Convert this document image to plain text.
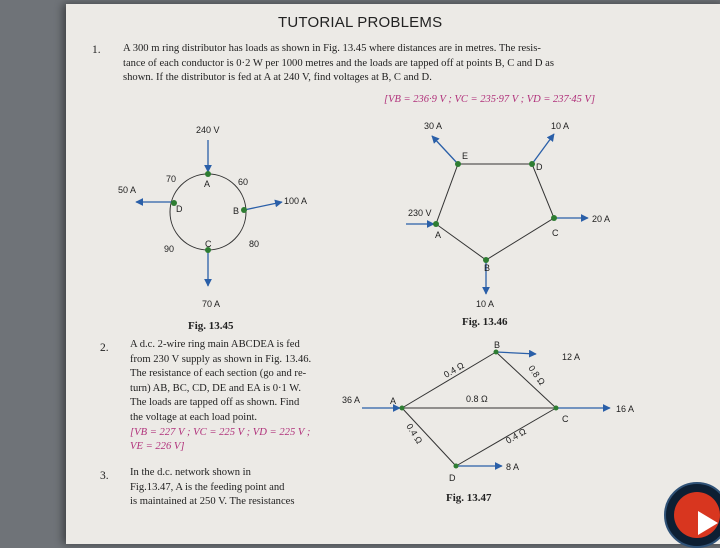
TUTORIAL PROBLEMS
1. A 300 m ring distributor has loads as shown in Fig. 13.45 where distances are in metres. The resis-
tance of each conductor is 0·2 W per 1000 metres and the loads are tapped off at points B, C and D as
shown. If the distributor is fed at A at 240 V, find voltages at B, C and D.
[VB = 236·9 V ; VC = 235·97 V ; VD = 237·45 V]
2. A d.c. 2-wire ring main ABCDEA is fed
from 230 V supply as shown in Fig. 13.46.
The resistance of each section (go and re-
turn) AB, BC, CD, DE and EA is 0·1 W.
The loads are tapped off as shown. Find
the voltage at each load point.
[VB = 227 V ; VC = 225 V ; VD = 225 V ;
VE = 226 V]
3. In the d.c. network shown in
Fig.13.47, A is the feeding point and
is maintained at 250 V. The resistances
240 V
50 A
100 A
70 A
A
D	B
C
70	60
80
90
230 V
30 A	10 A
20 A
10 A
A
B
C
D
E
36 A
12 A
16 A
8 A
A
B
C
D
0.4 Ω	0.8 Ω
0.8 Ω
0.4 Ω	0.4 Ω
Fig. 13.45	Fig. 13.46
Fig. 13.47
